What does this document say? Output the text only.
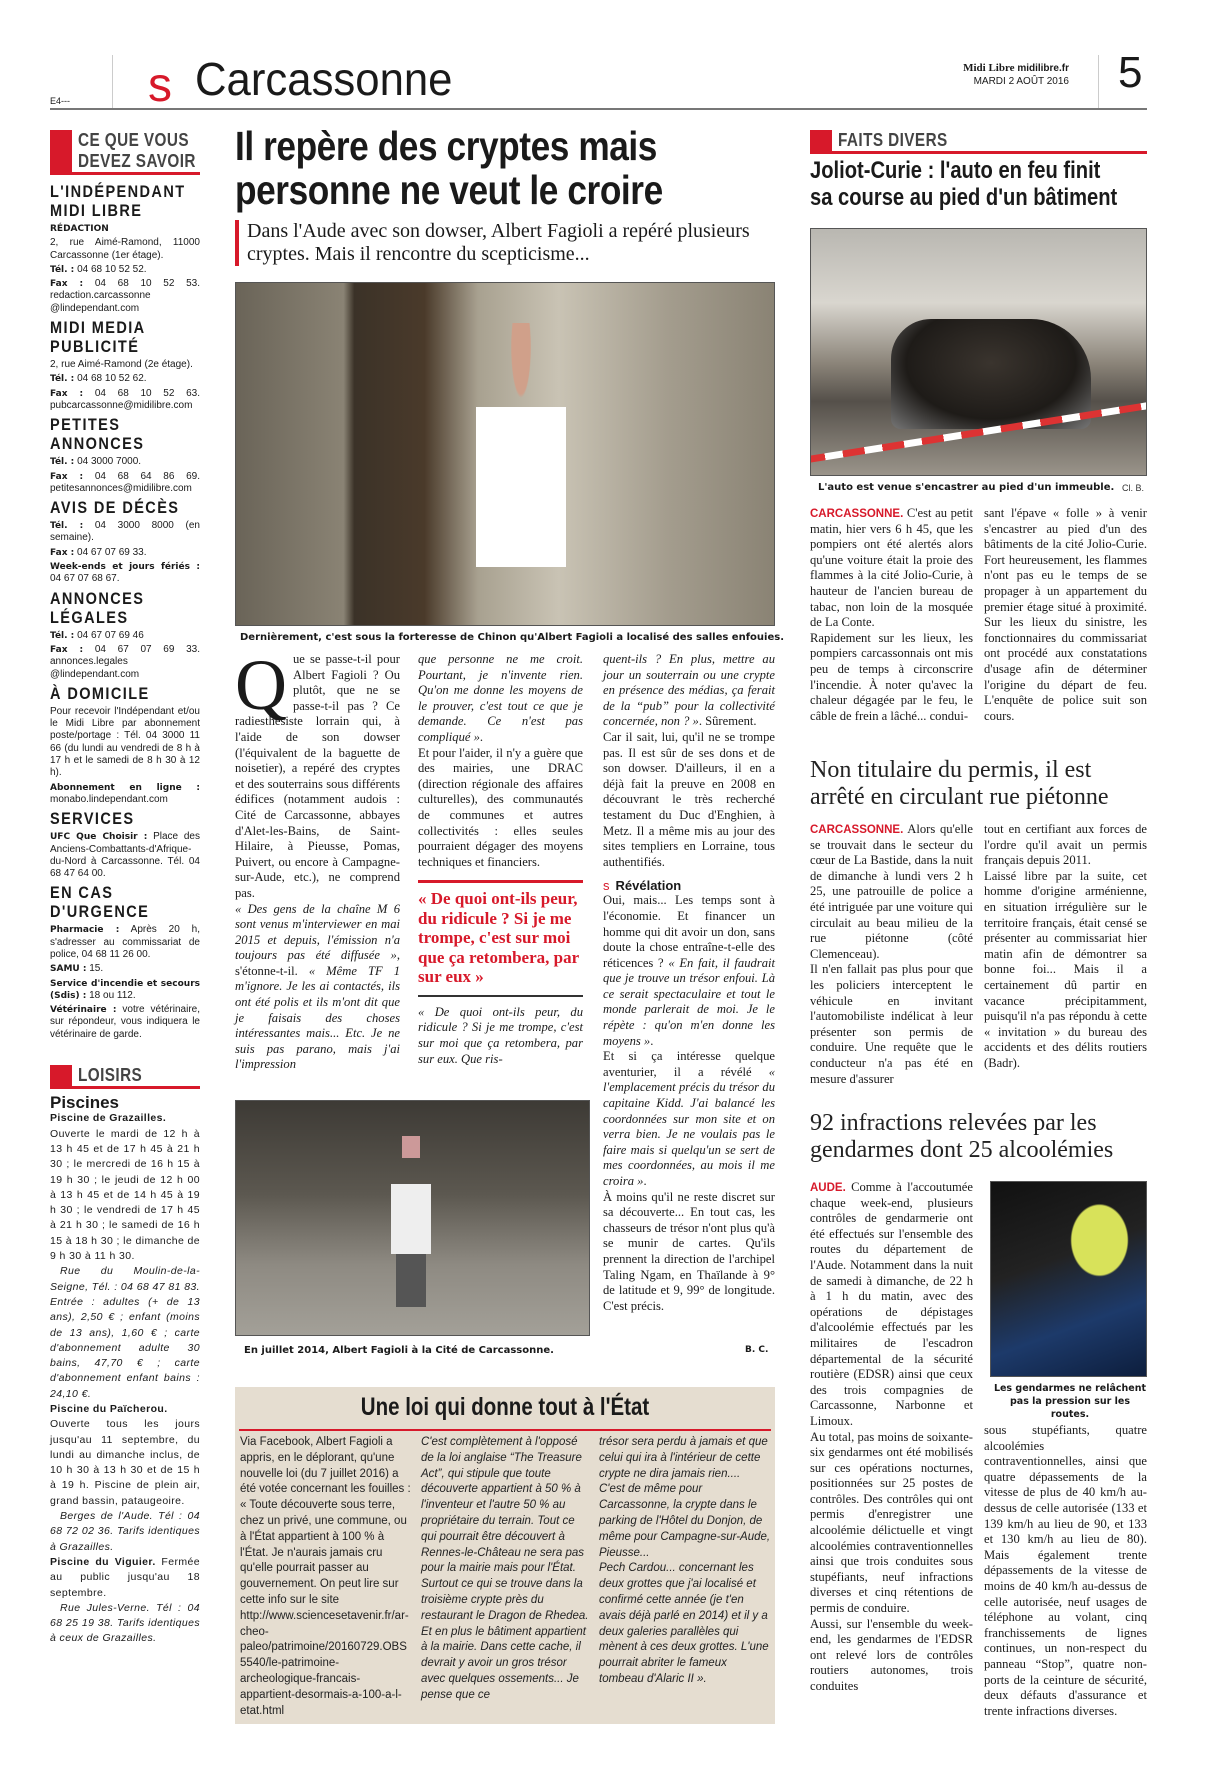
E4--- s Carcassonne	Midi Libre midilibre.fr
MARDI 2 AOÛT 2016 5
CE QUE VOUS DEVEZ SAVOIR
L'INDÉPENDANT MIDI LIBRE
RÉDACTION
2, rue Aimé-Ramond, 11000 Carcassonne (1er étage).
Tél. : 04 68 10 52 52.
Fax : 04 68 10 52 53. redaction.carcassonne @lindependant.com
MIDI MEDIA PUBLICITÉ
2, rue Aimé-Ramond (2e étage).
Tél. : 04 68 10 52 62.
Fax : 04 68 10 52 63. pubcarcassonne@midilibre.com
PETITES ANNONCES
Tél. : 04 3000 7000.
Fax : 04 68 64 86 69. petitesannonces@midilibre.com
AVIS DE DÉCÈS
Tél. : 04 3000 8000 (en semaine).
Fax : 04 67 07 69 33.
Week-ends et jours fériés : 04 67 07 68 67.
ANNONCES LÉGALES
Tél. : 04 67 07 69 46
Fax : 04 67 07 69 33. annonces.legales @lindependant.com
À DOMICILE
Pour recevoir l'Indépendant et/ou le Midi Libre par abonnement poste/portage : Tél. 04 3000 11 66 (du lundi au vendredi de 8 h à 17 h et le samedi de 8 h 30 à 12 h).
Abonnement en ligne : monabo.lindependant.com
SERVICES
UFC Que Choisir : Place des Anciens-Combattants-d'Afrique-du-Nord à Carcassonne. Tél. 04 68 47 64 00.
EN CAS D'URGENCE
Pharmacie : Après 20 h, s'adresser au commissariat de police, 04 68 11 26 00.
SAMU : 15.
Service d'incendie et secours (Sdis) : 18 ou 112.
Vétérinaire : votre vétérinaire, sur répondeur, vous indiquera le vétérinaire de garde.
LOISIRS
Piscines

Piscine de Grazailles.

Ouverte le mardi de 12 h à 13 h 45 et de 17 h 45 à 21 h 30 ; le mercredi de 16 h 15 à 19 h 30 ; le jeudi de 12 h 00 à 13 h 45 et de 14 h 45 à 19 h 30 ; le vendredi de 17 h 45 à 21 h 30 ; le samedi de 16 h 15 à 18 h 30 ; le dimanche de 9 h 30 à 11 h 30.

Rue du Moulin-de-la-Seigne, Tél. : 04 68 47 81 83. Entrée : adultes (+ de 13 ans), 2,50 € ; enfant (moins de 13 ans), 1,60 € ; carte d'abonnement adulte 30 bains, 47,70 € ; carte d'abonnement enfant bains : 24,10 €.

Piscine du Païcherou.

Ouverte tous les jours jusqu'au 11 septembre, du lundi au dimanche inclus, de 10 h 30 à 13 h 30 et de 15 h à 19 h. Piscine de plein air, grand bassin, pataugeoire.

Berges de l'Aude. Tél : 04 68 72 02 36. Tarifs identiques à Grazailles.

Piscine du Viguier. Fermée au public jusqu'au 18 septembre.

Rue Jules-Verne. Tél : 04 68 25 19 38. Tarifs identiques à ceux de Grazailles.

Il repère des cryptes mais
personne ne veut le croire
Dans l'Aude avec son dowser, Albert Fagioli a repéré plusieurs cryptes. Mais il rencontre du scepticisme...
Dernièrement, c'est sous la forteresse de Chinon qu'Albert Fagioli a localisé des salles enfouies.
Q ue se passe-t-il pour Albert Fagioli ? Ou plutôt, que ne se passe-t-il pas ? Ce radiesthésiste lorrain qui, à l'aide de son dowser (l'équivalent de la baguette de noisetier), a repéré des cryptes et des souterrains sous différents édifices (notamment audois : Cité de Carcassonne, abbayes d'Alet-les-Bains, de Saint-Hilaire, à Pieusse, Pomas, Puivert, ou encore à Campagne-sur-Aude, etc.), ne comprend pas.

« Des gens de la chaîne M 6 sont venus m'interviewer en mai 2015 et depuis, l'émission n'a toujours pas été diffusée », s'étonne-t-il. « Même TF 1 m'ignore. Je les ai contactés, ils ont été polis et ils m'ont dit que je faisais des choses intéressantes mais... Etc. Je ne suis pas parano, mais j'ai l'impression

que personne ne me croit. Pourtant, je n'invente rien. Qu'on me donne les moyens de le prouver, c'est tout ce que je demande. Ce n'est pas compliqué ».

Et pour l'aider, il n'y a guère que des mairies, une DRAC (direction régionale des affaires culturelles), des communautés de communes et autres collectivités : elles seules pourraient dégager des moyens techniques et financiers.

« De quoi ont-ils peur, du ridicule ? Si je me trompe, c'est sur moi que ça retombera, par sur eux »

« De quoi ont-ils peur, du ridicule ? Si je me trompe, c'est sur moi que ça retombera, par sur eux. Que ris-

quent-ils ? En plus, mettre au jour un souterrain ou une crypte en présence des médias, ça ferait de la “pub” pour la collectivité concernée, non ? ». Sûrement.

Car il sait, lui, qu'il ne se trompe pas. Il est sûr de ses dons et de son dowser. D'ailleurs, il en a déjà fait la preuve en 2008 en découvrant le très recherché testament du Duc d'Enghien, à Metz. Il a même mis au jour des sites templiers en Lorraine, tous authentifiés.

s Révélation

Oui, mais... Les temps sont à l'économie. Et financer un homme qui dit avoir un don, sans doute la chose entraîne-t-elle des réticences ? « En fait, il faudrait que je trouve un trésor enfoui. Là ce serait spectaculaire et tout le monde parlerait de moi. Je le répète : qu'on m'en donne les moyens ».

Et si ça intéresse quelque aventurier, il a révélé « l'emplacement précis du trésor du capitaine Kidd. J'ai balancé les coordonnées sur mon site et on verra bien. Je ne voulais pas le faire mais si quelqu'un se sert de mes coordonnées, au mois il me croira ».

À moins qu'il ne reste discret sur sa découverte... En tout cas, les chasseurs de trésor n'ont plus qu'à se munir de cartes. Qu'ils prennent la direction de l'archipel Taling Ngam, en Thaïlande à 9° de latitude et 9, 99° de longitude. C'est précis.

En juillet 2014, Albert Fagioli à la Cité de Carcassonne.	B. C.
Une loi qui donne tout à l'État

Via Facebook, Albert Fagioli a appris, en le déplorant, qu'une nouvelle loi (du 7 juillet 2016) a été votée concernant les fouilles : « Toute découverte sous terre, chez un privé, une commune, ou à l'État appartient à 100 % à l'État. Je n'aurais jamais cru qu'elle pourrait passer au gouvernement. On peut lire sur cette info sur le site http://www.sciencesetavenir.fr/ar-cheo-paleo/patrimoine/20160729.OBS5540/le-patrimoine-archeologique-francais-appartient-desormais-a-100-a-l-etat.html

C'est complètement à l'opposé de la loi anglaise “The Treasure Act”, qui stipule que toute découverte appartient à 50 % à l'inventeur et l'autre 50 % au propriétaire du terrain. Tout ce qui pourrait être découvert à Rennes-le-Château ne sera pas pour la mairie mais pour l'État. Surtout ce qui se trouve dans la troisième crypte près du restaurant le Dragon de Rhedea. Et en plus le bâtiment appartient à la mairie. Dans cette cache, il devrait y avoir un gros trésor avec quelques ossements... Je pense que ce

trésor sera perdu à jamais et que celui qui ira à l'intérieur de cette crypte ne dira jamais rien....

C'est de même pour Carcassonne, la crypte dans le parking de l'Hôtel du Donjon, de même pour Campagne-sur-Aude, Pieusse...

Pech Cardou... concernant les deux grottes que j'ai localisé et confirmé cette année (je t'en avais déjà parlé en 2014) et il y a deux galeries parallèles qui mènent à ces deux grottes. L'une pourrait abriter le fameux tombeau d'Alaric II ».

FAITS DIVERS
Joliot-Curie : l'auto en feu finit
sa course au pied d'un bâtiment
L'auto est venue s'encastrer au pied d'un immeuble. Cl. B.

CARCASSONNE. C'est au petit matin, hier vers 6 h 45, que les pompiers ont été alertés alors qu'une voiture était la proie des flammes à la cité Jolio-Curie, à hauteur de l'ancien bureau de tabac, non loin de la mosquée de La Conte.

Rapidement sur les lieux, les pompiers carcassonnais ont mis peu de temps à circonscrire l'incendie. À noter qu'avec la chaleur dégagée par le feu, le câble de frein a lâché... condui-

sant l'épave « folle » à venir s'encastrer au pied d'un des bâtiments de la cité Jolio-Curie. Fort heureusement, les flammes n'ont pas eu le temps de se propager à un appartement du premier étage situé à proximité. Sur les lieux du sinistre, les fonctionnaires du commissariat ont procédé aux constatations d'usage afin de déterminer l'origine du départ de feu. L'enquête de police suit son cours.

Non titulaire du permis, il est arrêté en circulant rue piétonne

CARCASSONNE. Alors qu'elle se trouvait dans le secteur du cœur de La Bastide, dans la nuit de dimanche à lundi vers 2 h 25, une patrouille de police a été intriguée par une voiture qui circulait au beau milieu de la rue piétonne (côté Clemenceau).

Il n'en fallait pas plus pour que les policiers interceptent le véhicule en invitant l'automobiliste indélicat à leur présenter son permis de conduire. Une requête que le conducteur n'a pas été en mesure d'assurer

tout en certifiant aux forces de l'ordre qu'il avait un permis français depuis 2011.

Laissé libre par la suite, cet homme d'origine arménienne, en situation irrégulière sur le territoire français, était censé se présenter au commissariat hier matin afin de démontrer sa bonne foi... Mais il a certainement dû partir en vacance précipitamment, puisqu'il n'a pas répondu à cette « invitation » du bureau des accidents et des délits routiers (Badr).

92 infractions relevées par les gendarmes dont 25 alcoolémies

AUDE. Comme à l'accoutumée chaque week-end, plusieurs contrôles de gendarmerie ont été effectués sur l'ensemble des routes du département de l'Aude. Notamment dans la nuit de samedi à dimanche, de 22 h à 1 h du matin, avec des opérations de dépistages d'alcoolémie effectués par les militaires de l'escadron départemental de la sécurité routière (EDSR) ainsi que ceux des trois compagnies de Carcassonne, Narbonne et Limoux.

Au total, pas moins de soixante-six gendarmes ont été mobilisés sur ces opérations nocturnes, positionnées sur 25 postes de contrôles. Des contrôles qui ont permis d'enregistrer une alcoolémie délictuelle et vingt alcoolémies contraventionnelles ainsi que trois conduites sous stupéfiants, neuf infractions diverses et cinq rétentions de permis de conduire.

Aussi, sur l'ensemble du week-end, les gendarmes de l'EDSR ont relevé lors de contrôles routiers autonomes, trois conduites

Les gendarmes ne relâchent pas la pression sur les routes.

sous stupéfiants, quatre alcoolémies contraventionnelles, ainsi que quatre dépassements de la vitesse de plus de 40 km/h au-dessus de celle autorisée (133 et 139 km/h au lieu de 90, et 133 et 130 km/h au lieu de 80). Mais également trente dépassements de la vitesse de moins de 40 km/h au-dessus de celle autorisée, neuf usages de téléphone au volant, cinq franchissements de lignes continues, un non-respect du panneau “Stop”, quatre non-ports de la ceinture de sécurité, deux défauts d'assurance et trente infractions diverses.
